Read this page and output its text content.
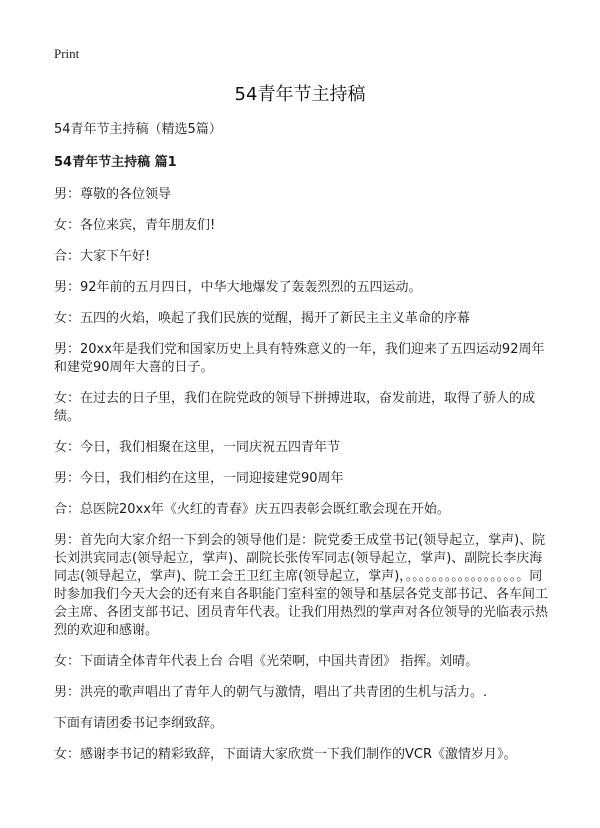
Print
54青年节主持稿

54青年节主持稿（精选5篇）

54青年节主持稿 篇1

男：尊敬的各位领导

女：各位来宾，青年朋友们!

合：大家下午好!

男：92年前的五月四日，中华大地爆发了轰轰烈烈的五四运动。

女：五四的火焰，唤起了我们民族的觉醒，揭开了新民主主义革命的序幕

男：20xx年是我们党和国家历史上具有特殊意义的一年，我们迎来了五四运动92周年和建党90周年大喜的日子。

女：在过去的日子里，我们在院党政的领导下拼搏进取，奋发前进，取得了骄人的成绩。

女：今日，我们相聚在这里，一同庆祝五四青年节

男：今日，我们相约在这里，一同迎接建党90周年

合：总医院20xx年《火红的青春》庆五四表彰会既红歌会现在开始。

男：首先向大家介绍一下到会的领导他们是：院党委王成堂书记(领导起立，掌声)、院长刘洪宾同志(领导起立，掌声)、副院长张传军同志(领导起立，掌声)、副院长李庆海同志(领导起立，掌声)、院工会王卫红主席(领导起立，掌声)，。。。。。。。。。。。。。。。。。。同时参加我们今天大会的还有来自各职能门室科室的领导和基层各党支部书记、各车间工会主席、各团支部书记、团员青年代表。让我们用热烈的掌声对各位领导的光临表示热烈的欢迎和感谢。

女：下面请全体青年代表上台 合唱《光荣啊，中国共青团》 指挥。刘晴。

男：洪亮的歌声唱出了青年人的朝气与激情，唱出了共青团的生机与活力。.

下面有请团委书记李纲致辞。

女：感谢李书记的精彩致辞，下面请大家欣赏一下我们制作的VCR《激情岁月》。
